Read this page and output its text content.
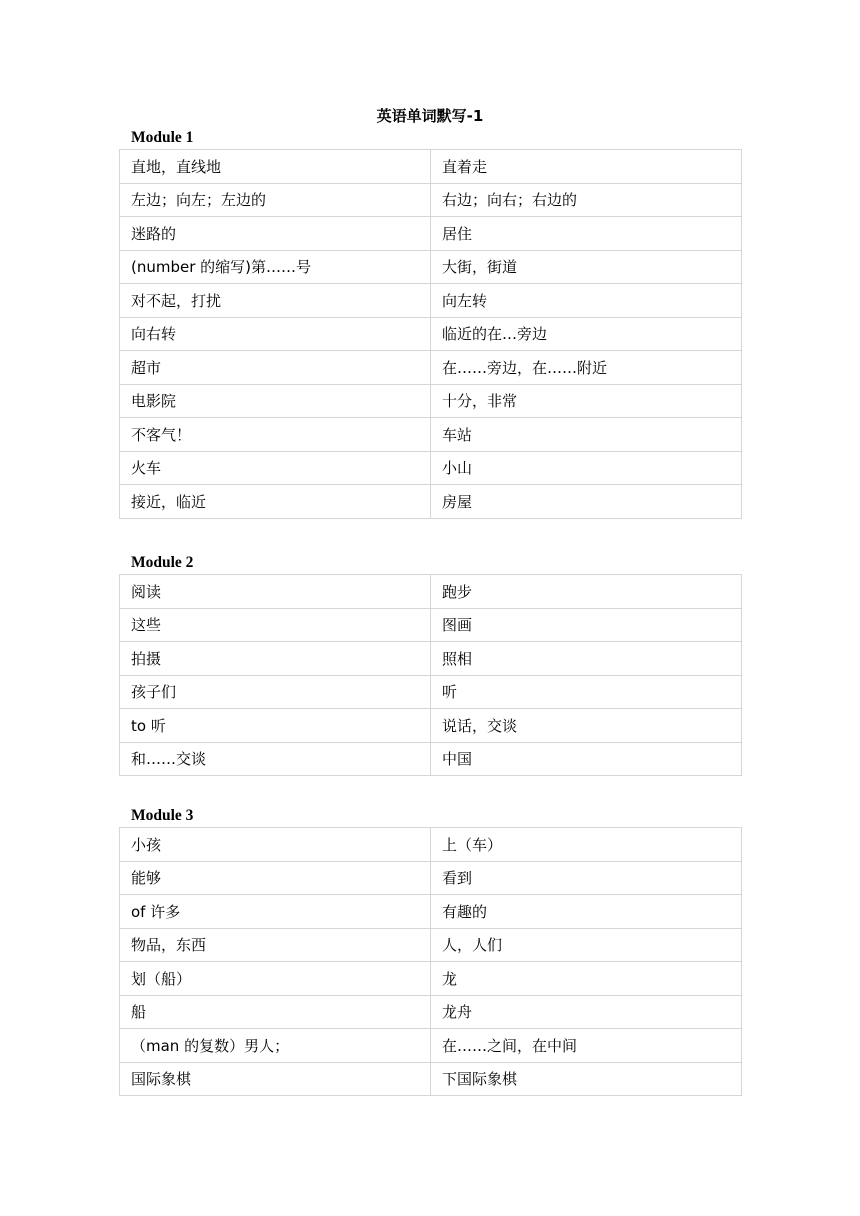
英语单词默写-1
Module 1
直地，直线地	直着走
左边；向左；左边的	右边；向右；右边的
迷路的	居住
(number 的缩写)第……号	大街，街道
对不起，打扰	向左转
向右转	临近的在…旁边
超市	在……旁边，在……附近
电影院	十分，非常
不客气！	车站
火车	小山
接近，临近	房屋
Module 2
阅读	跑步
这些	图画
拍摄	照相
孩子们	听
to 听	说话，交谈
和……交谈	中国
Module 3
小孩	上（车）
能够	看到
of 许多	有趣的
物品，东西	人，人们
划（船）	龙
船	龙舟
（man 的复数）男人；	在……之间，在中间
国际象棋	下国际象棋
